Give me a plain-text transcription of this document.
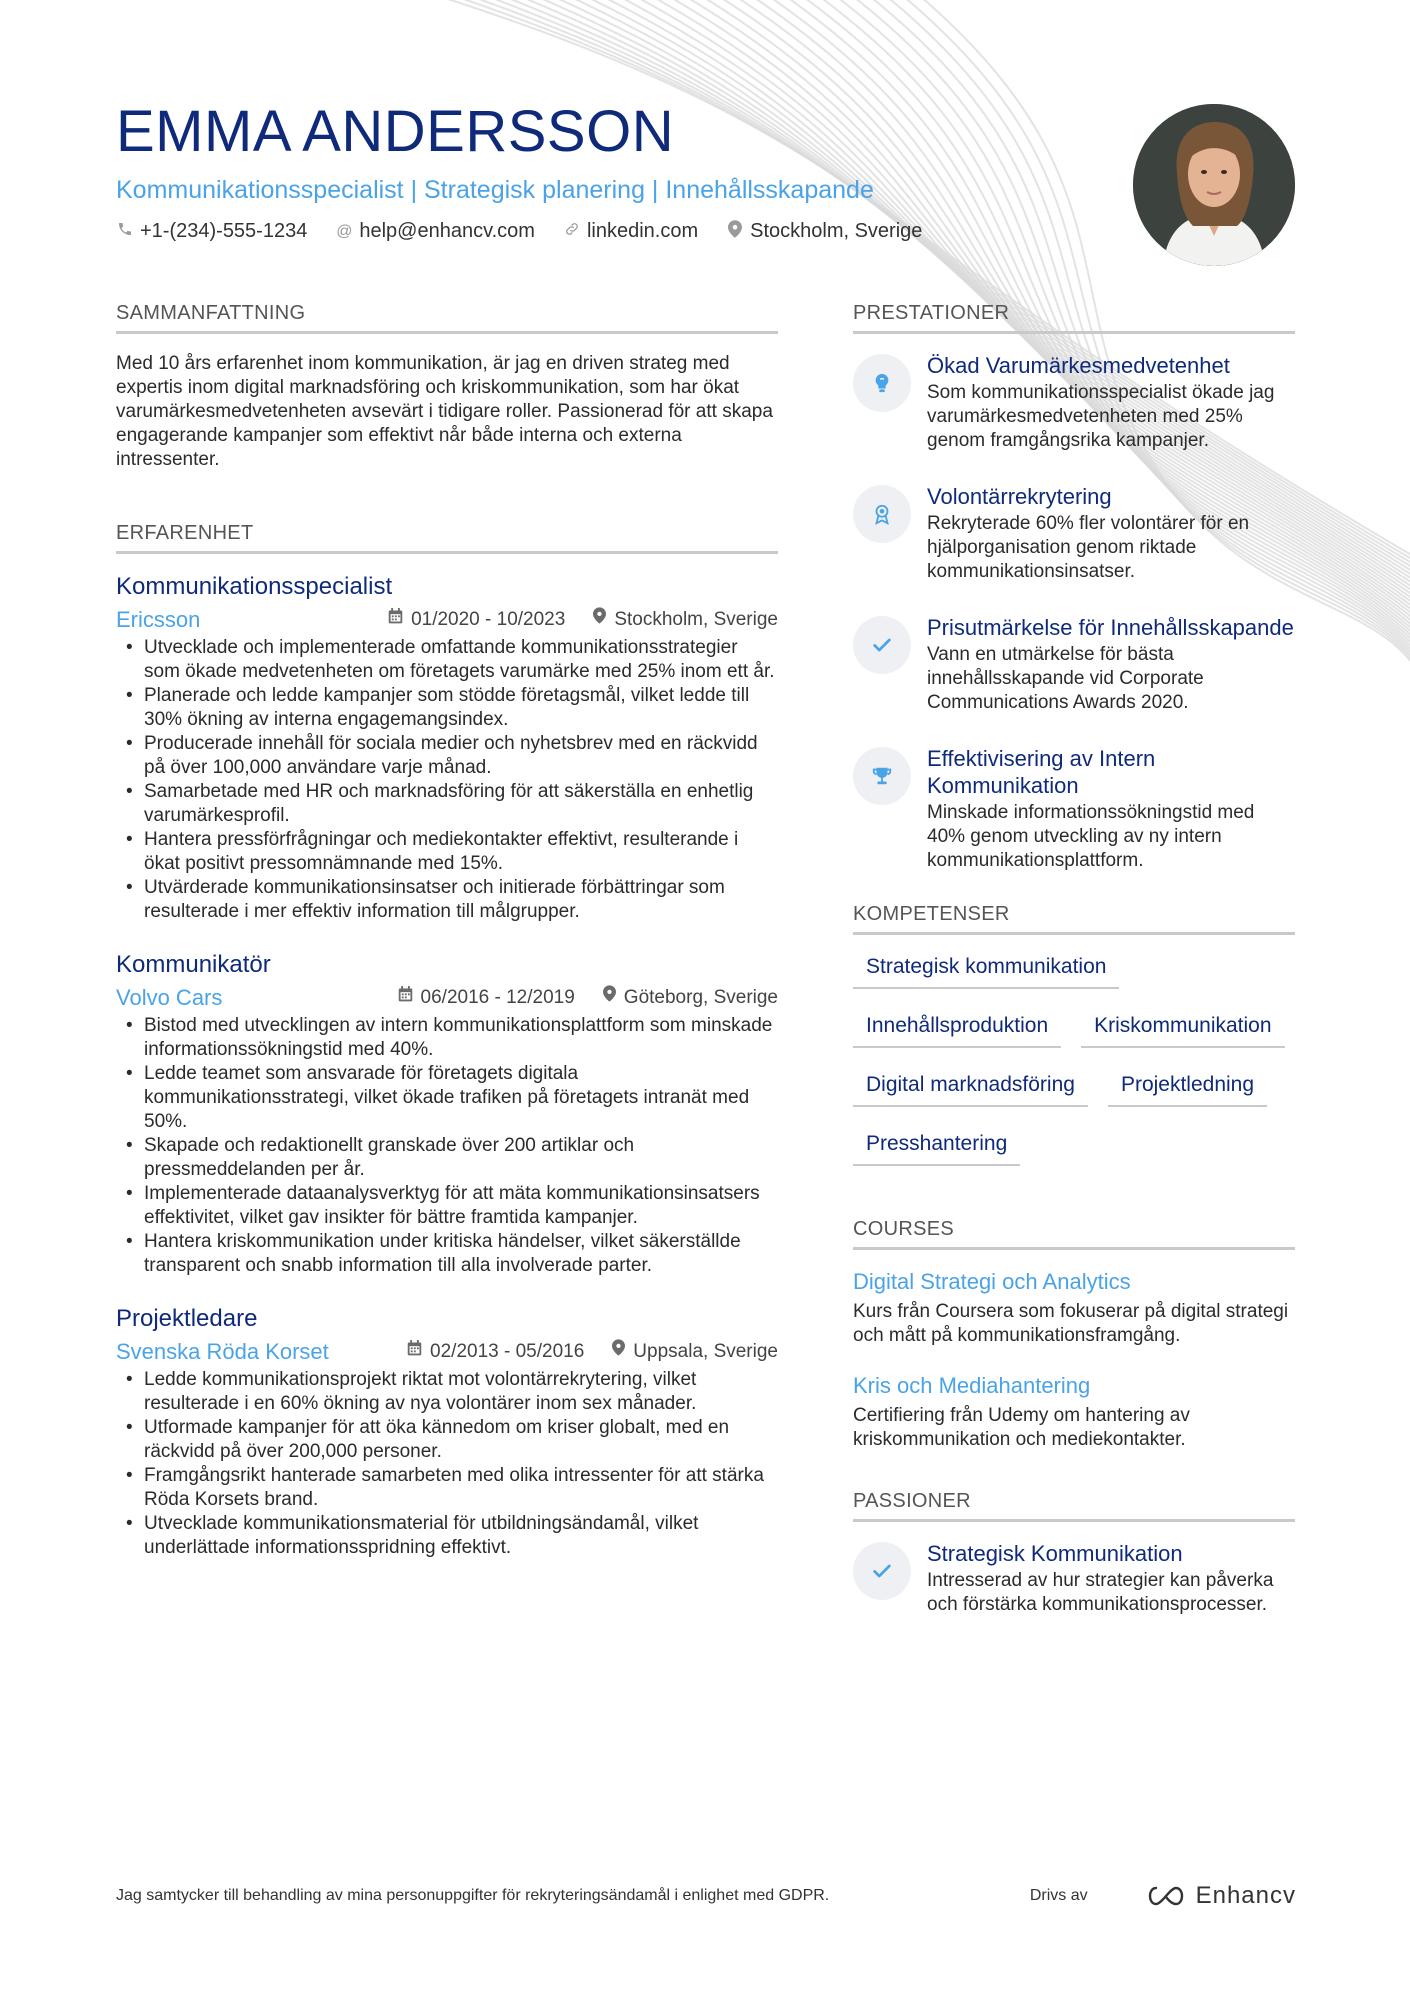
EMMA ANDERSSON
Kommunikationsspecialist | Strategisk planering | Innehållsskapande
+1-(234)-555-1234 @ help@enhancv.com	linkedin.com	Stockholm, Sverige
SAMMANFATTNING

Med 10 års erfarenhet inom kommunikation, är jag en driven strateg med expertis inom digital marknadsföring och kriskommunikation, som har ökat varumärkesmedvetenheten avsevärt i tidigare roller. Passionerad för att skapa engagerande kampanjer som effektivt når både interna och externa intressenter.

ERFARENHET
Kommunikationsspecialist
Ericsson	01/2020 - 10/2023	Stockholm, Sverige
• Utvecklade och implementerade omfattande kommunikationsstrategier som ökade medvetenheten om företagets varumärke med 25% inom ett år.
• Planerade och ledde kampanjer som stödde företagsmål, vilket ledde till 30% ökning av interna engagemangsindex.
• Producerade innehåll för sociala medier och nyhetsbrev med en räckvidd på över 100,000 användare varje månad.
• Samarbetade med HR och marknadsföring för att säkerställa en enhetlig varumärkesprofil.
• Hantera pressförfrågningar och mediekontakter effektivt, resulterande i ökat positivt pressomnämnande med 15%.
• Utvärderade kommunikationsinsatser och initierade förbättringar som resulterade i mer effektiv information till målgrupper.
Kommunikatör
Volvo Cars	06/2016 - 12/2019	Göteborg, Sverige
• Bistod med utvecklingen av intern kommunikationsplattform som minskade informationssökningstid med 40%.
• Ledde teamet som ansvarade för företagets digitala kommunikationsstrategi, vilket ökade trafiken på företagets intranät med 50%.
• Skapade och redaktionellt granskade över 200 artiklar och pressmeddelanden per år.
• Implementerade dataanalysverktyg för att mäta kommunikationsinsatsers effektivitet, vilket gav insikter för bättre framtida kampanjer.
• Hantera kriskommunikation under kritiska händelser, vilket säkerställde transparent och snabb information till alla involverade parter.
Projektledare
Svenska Röda Korset	02/2013 - 05/2016	Uppsala, Sverige
• Ledde kommunikationsprojekt riktat mot volontärrekrytering, vilket resulterade i en 60% ökning av nya volontärer inom sex månader.
• Utformade kampanjer för att öka kännedom om kriser globalt, med en räckvidd på över 200,000 personer.
• Framgångsrikt hanterade samarbeten med olika intressenter för att stärka Röda Korsets brand.
• Utvecklade kommunikationsmaterial för utbildningsändamål, vilket underlättade informationsspridning effektivt.
PRESTATIONER
Ökad Varumärkesmedvetenhet
Som kommunikationsspecialist ökade jag varumärkesmedvetenheten med 25% genom framgångsrika kampanjer.
Volontärrekrytering
Rekryterade 60% fler volontärer för en hjälporganisation genom riktade kommunikationsinsatser.
Prisutmärkelse för Innehållsskapande
Vann en utmärkelse för bästa innehållsskapande vid Corporate Communications Awards 2020.
Effektivisering av Intern Kommunikation
Minskade informationssökningstid med 40% genom utveckling av ny intern kommunikationsplattform.
KOMPETENSER
Strategisk kommunikation
Innehållsproduktion	Kriskommunikation
Digital marknadsföring	Projektledning
Presshantering
COURSES
Digital Strategi och Analytics
Kurs från Coursera som fokuserar på digital strategi och mått på kommunikationsframgång.
Kris och Mediahantering
Certifiering från Udemy om hantering av kriskommunikation och mediekontakter.
PASSIONER
Strategisk Kommunikation
Intresserad av hur strategier kan påverka och förstärka kommunikationsprocesser.
Jag samtycker till behandling av mina personuppgifter för rekryteringsändamål i enlighet med GDPR.	Drivs av	Enhancv
